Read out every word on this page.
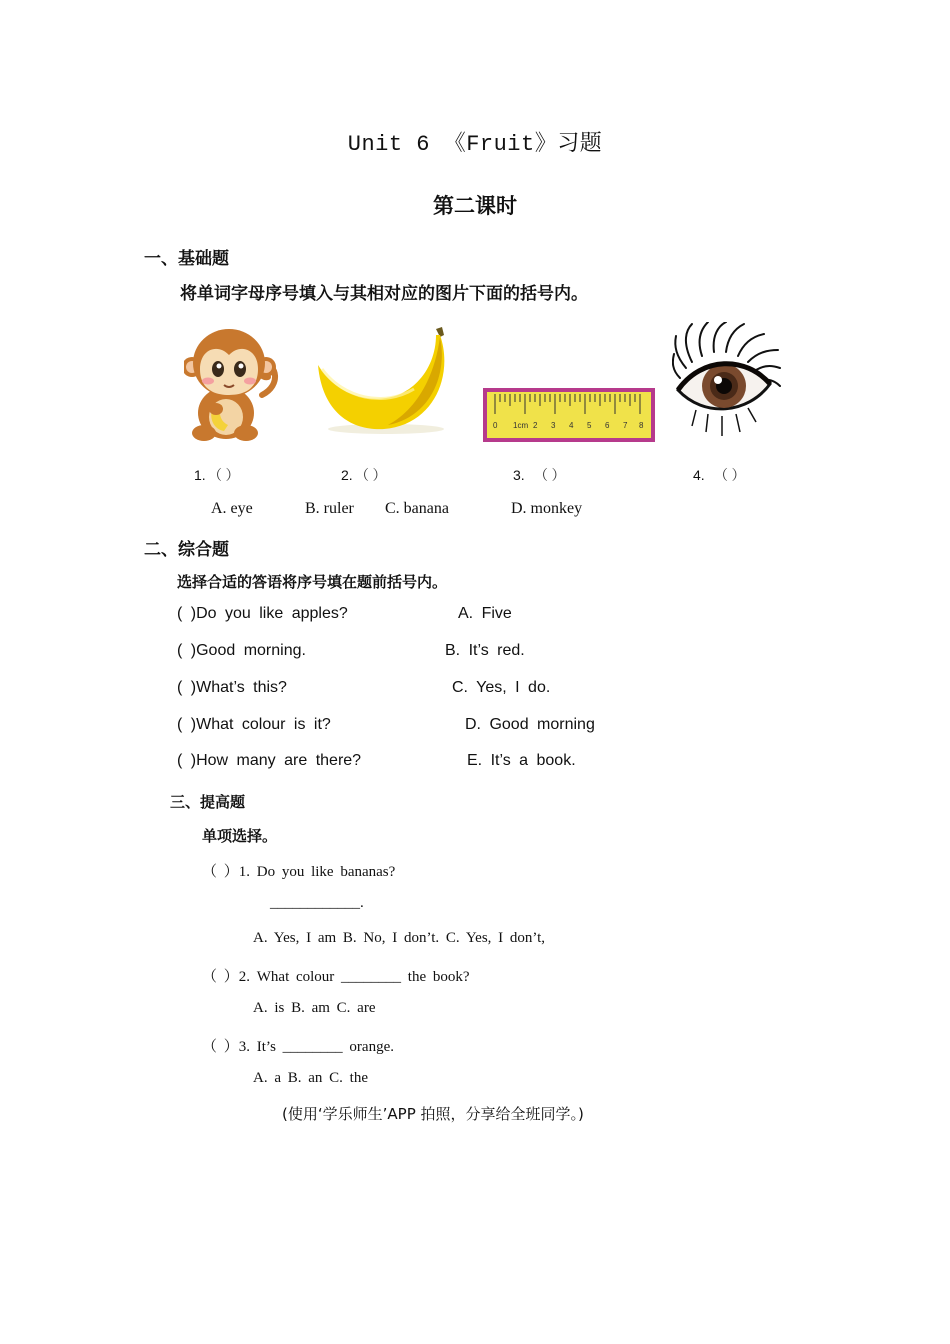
Unit 6 《Fruit》习题
第二课时
一、基础题
将单词字母序号填入与其相对应的图片下面的括号内。
0 1cm 2 3 4 5 6 7 8
1. （ ）	2. （ ）	3. （ ）	4. （ ）
A. eye	B. ruler C. banana	D. monkey
二、综合题
选择合适的答语将序号填在题前括号内。
( )Do you like apples?	A. Five
( )Good morning.	B. It’s red.
( )What’s this?	C. Yes, I do.
( )What colour is it?	D. Good morning
( )How many are there?	E. It’s a book.
三、提高题
单项选择。
（ ）1. Do you like bananas?
____________.
A. Yes, I am B. No, I don’t. C. Yes, I don’t,
（ ）2. What colour ________ the book?
A. is B. am C. are
（ ）3. It’s ________ orange.
A. a B. an C. the
(使用‘学乐师生’APP 拍照，分享给全班同学。)
